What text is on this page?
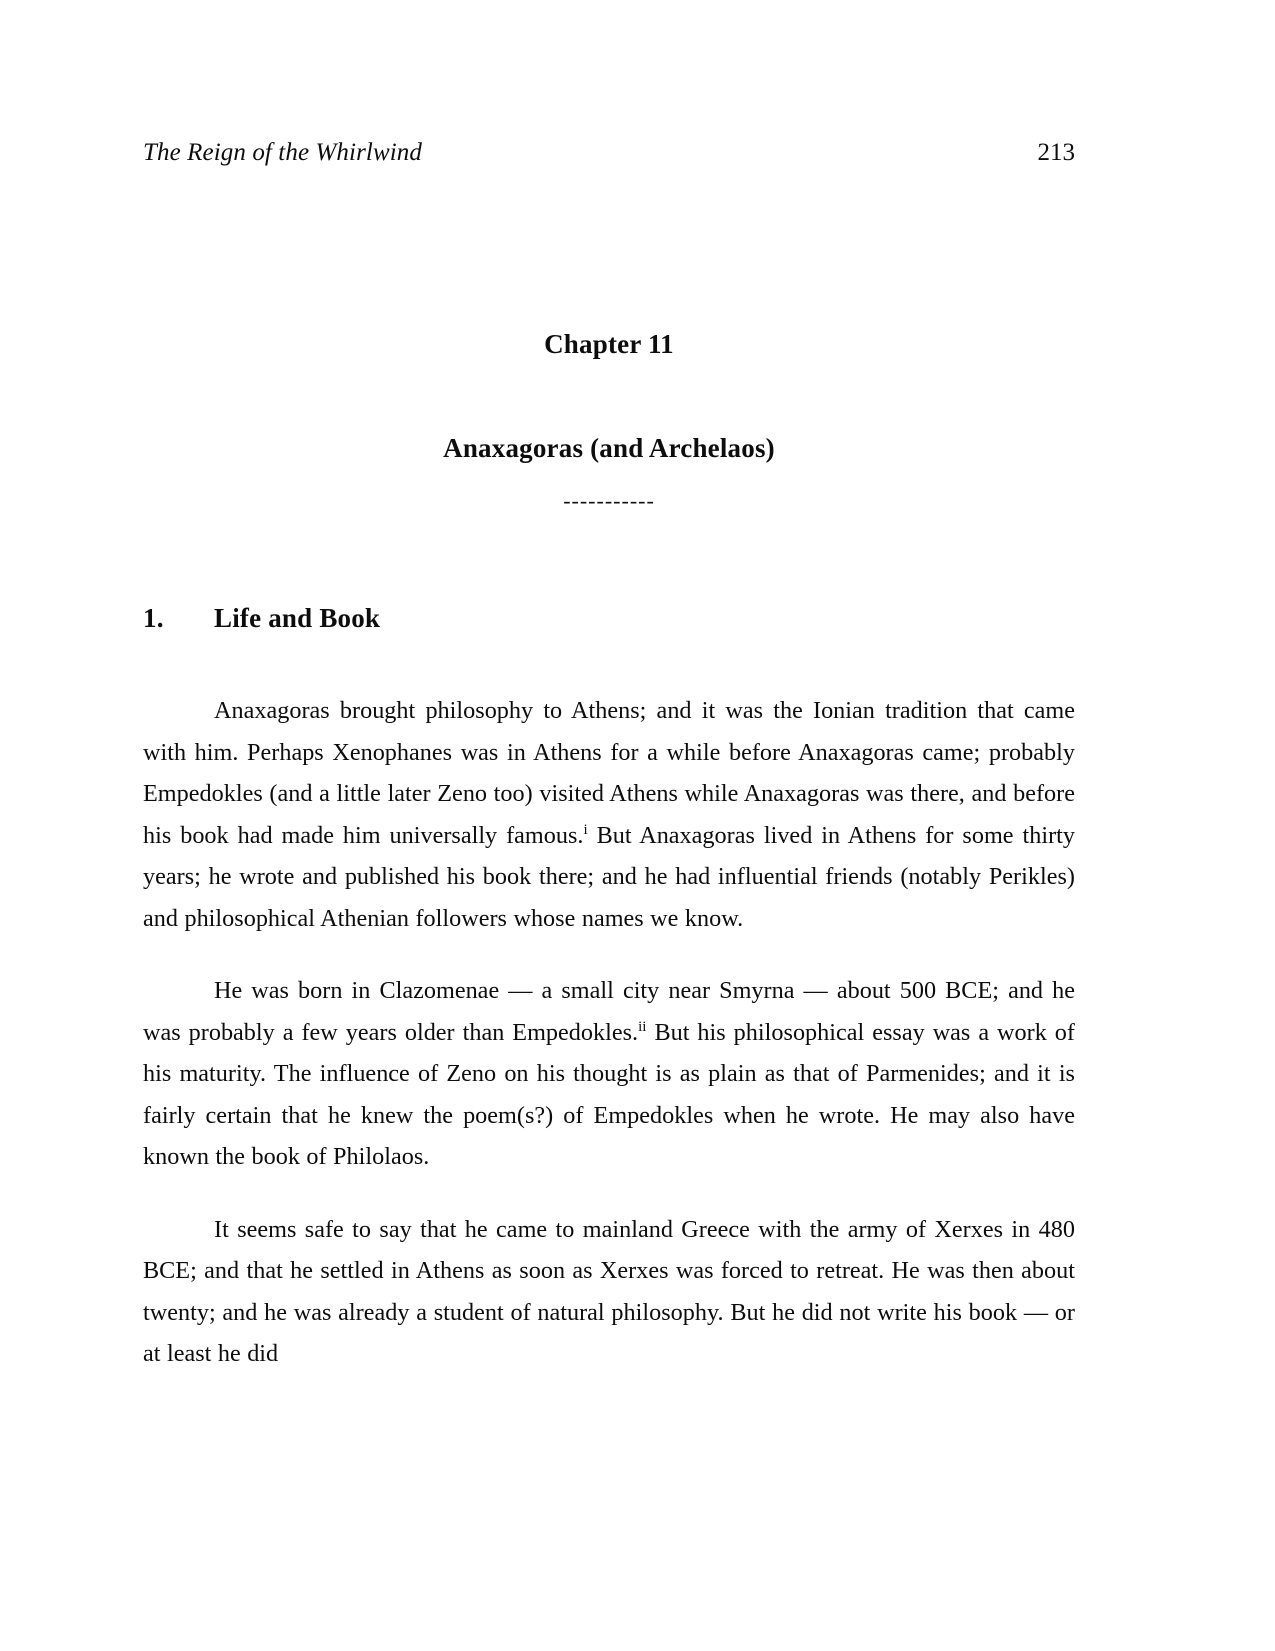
The Reign of the Whirlwind	213
Chapter 11
Anaxagoras (and Archelaos)
-----------
1.	Life and Book

Anaxagoras brought philosophy to Athens; and it was the Ionian tradition that came with him. Perhaps Xenophanes was in Athens for a while before Anaxagoras came; probably Empedokles (and a little later Zeno too) visited Athens while Anaxagoras was there, and before his book had made him universally famous.$^i$ But Anaxagoras lived in Athens for some thirty years; he wrote and published his book there; and he had influential friends (notably Perikles) and philosophical Athenian followers whose names we know.

He was born in Clazomenae — a small city near Smyrna — about 500 BCE; and he was probably a few years older than Empedokles.$^{ii}$ But his philosophical essay was a work of his maturity. The influence of Zeno on his thought is as plain as that of Parmenides; and it is fairly certain that he knew the poem(s?) of Empedokles when he wrote. He may also have known the book of Philolaos.

It seems safe to say that he came to mainland Greece with the army of Xerxes in 480 BCE; and that he settled in Athens as soon as Xerxes was forced to retreat. He was then about twenty; and he was already a student of natural philosophy. But he did not write his book — or at least he did
